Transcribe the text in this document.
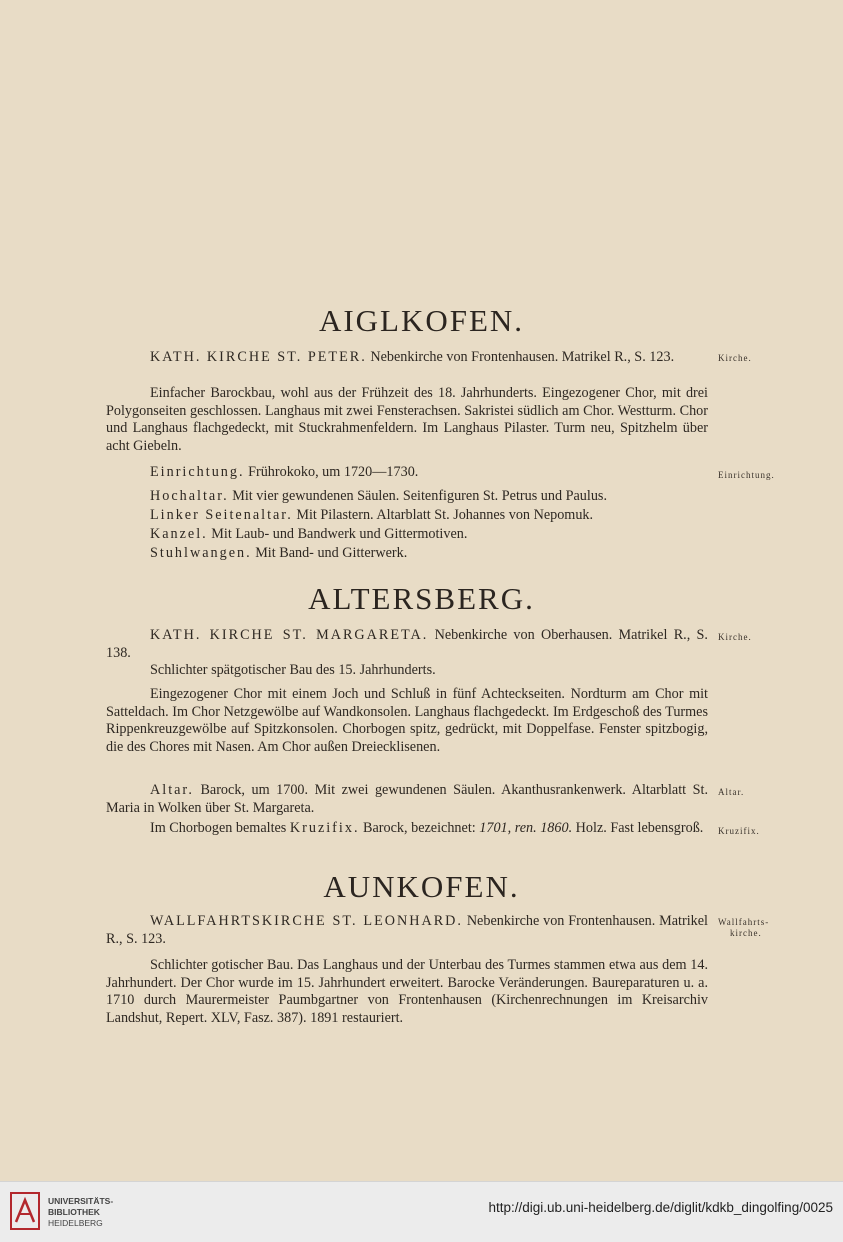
AIGLKOFEN.
Kirche.
KATH. KIRCHE ST. PETER. Nebenkirche von Frontenhausen. Matrikel R., S. 123.
Einfacher Barockbau, wohl aus der Frühzeit des 18. Jahrhunderts. Eingezogener Chor, mit drei Polygonseiten geschlossen. Langhaus mit zwei Fensterachsen. Sakristei südlich am Chor. Westturm. Chor und Langhaus flachgedeckt, mit Stuckrahmenfeldern. Im Langhaus Pilaster. Turm neu, Spitzhelm über acht Giebeln.
Einrichtung.
Einrichtung. Frührokoko, um 1720—1730.
Hochaltar. Mit vier gewundenen Säulen. Seitenfiguren St. Petrus und Paulus.
Linker Seitenaltar. Mit Pilastern. Altarblatt St. Johannes von Nepomuk.
Kanzel. Mit Laub- und Bandwerk und Gittermotiven.
Stuhlwangen. Mit Band- und Gitterwerk.
ALTERSBERG.
Kirche.
KATH. KIRCHE ST. MARGARETA. Nebenkirche von Oberhausen. Matrikel R., S. 138.
Schlichter spätgotischer Bau des 15. Jahrhunderts.
Eingezogener Chor mit einem Joch und Schluß in fünf Achteckseiten. Nordturm am Chor mit Satteldach. Im Chor Netzgewölbe auf Wandkonsolen. Langhaus flachgedeckt. Im Erdgeschoß des Turmes Rippenkreuzgewölbe auf Spitzkonsolen. Chorbogen spitz, gedrückt, mit Doppelfase. Fenster spitzbogig, die des Chores mit Nasen. Am Chor außen Dreiecklisenen.
Altar.
Altar. Barock, um 1700. Mit zwei gewundenen Säulen. Akanthusrankenwerk. Altarblatt St. Maria in Wolken über St. Margareta.
Kruzifix.
Im Chorbogen bemaltes Kruzifix. Barock, bezeichnet: 1701, ren. 1860. Holz. Fast lebensgroß.
AUNKOFEN.
Wallfahrts-
kirche.
WALLFAHRTSKIRCHE ST. LEONHARD. Nebenkirche von Frontenhausen. Matrikel R., S. 123.
Schlichter gotischer Bau. Das Langhaus und der Unterbau des Turmes stammen etwa aus dem 14. Jahrhundert. Der Chor wurde im 15. Jahrhundert erweitert. Barocke Veränderungen. Baureparaturen u. a. 1710 durch Maurermeister Paumbgartner von Frontenhausen (Kirchenrechnungen im Kreisarchiv Landshut, Repert. XLV, Fasz. 387). 1891 restauriert.
UNIVERSITÄTS-
BIBLIOTHEK
HEIDELBERG
http://digi.ub.uni-heidelberg.de/diglit/kdkb_dingolfing/0025
